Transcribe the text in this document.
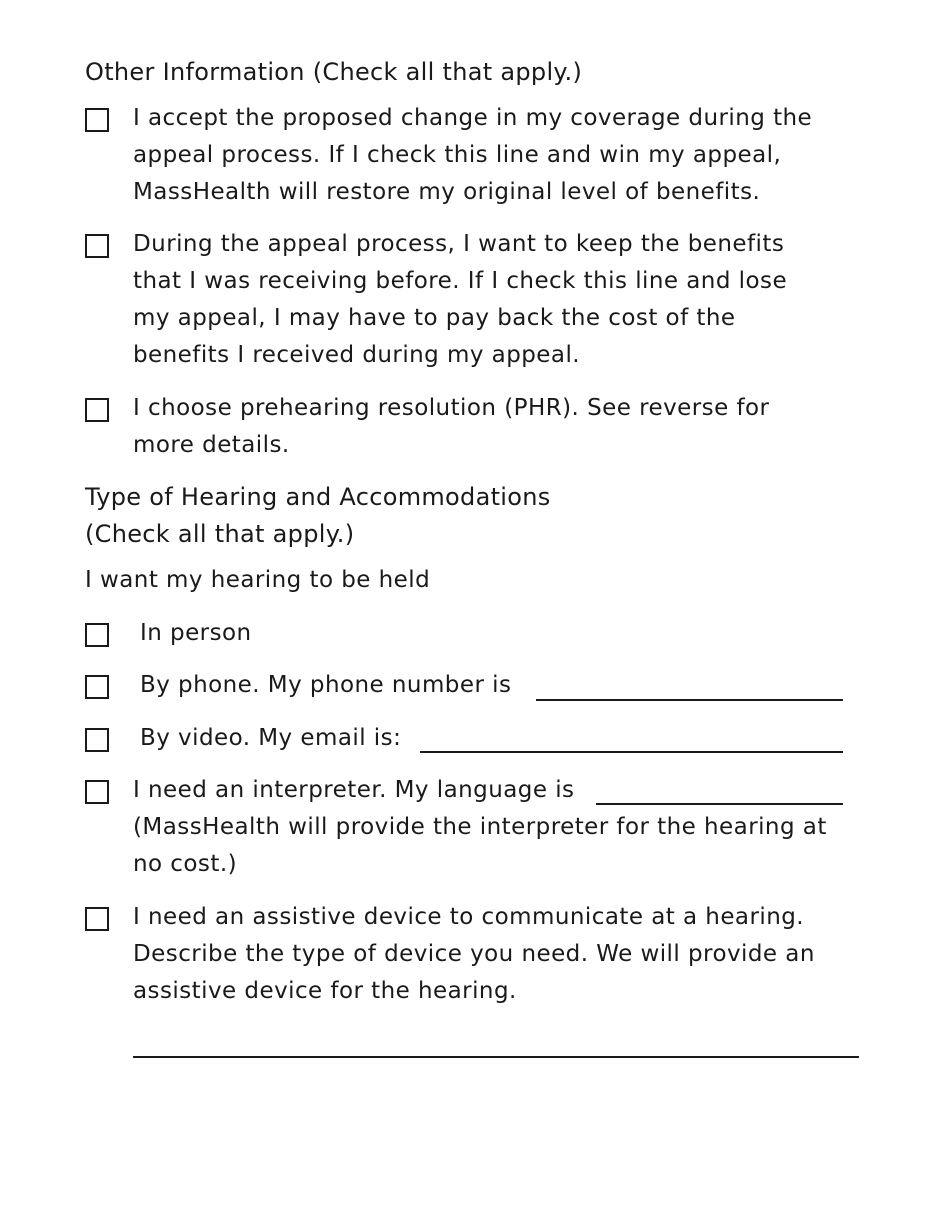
Other Information (Check all that apply.)
I accept the proposed change in my coverage during the
appeal process. If I check this line and win my appeal,
MassHealth will restore my original level of benefits.
During the appeal process, I want to keep the benefits
that I was receiving before. If I check this line and lose
my appeal, I may have to pay back the cost of the
benefits I received during my appeal.
I choose prehearing resolution (PHR). See reverse for
more details.
Type of Hearing and Accommodations
(Check all that apply.)
I want my hearing to be held
In person
By phone. My phone number is
By video. My email is:
I need an interpreter. My language is
(MassHealth will provide the interpreter for the hearing at
no cost.)
I need an assistive device to communicate at a hearing.
Describe the type of device you need. We will provide an
assistive device for the hearing.
